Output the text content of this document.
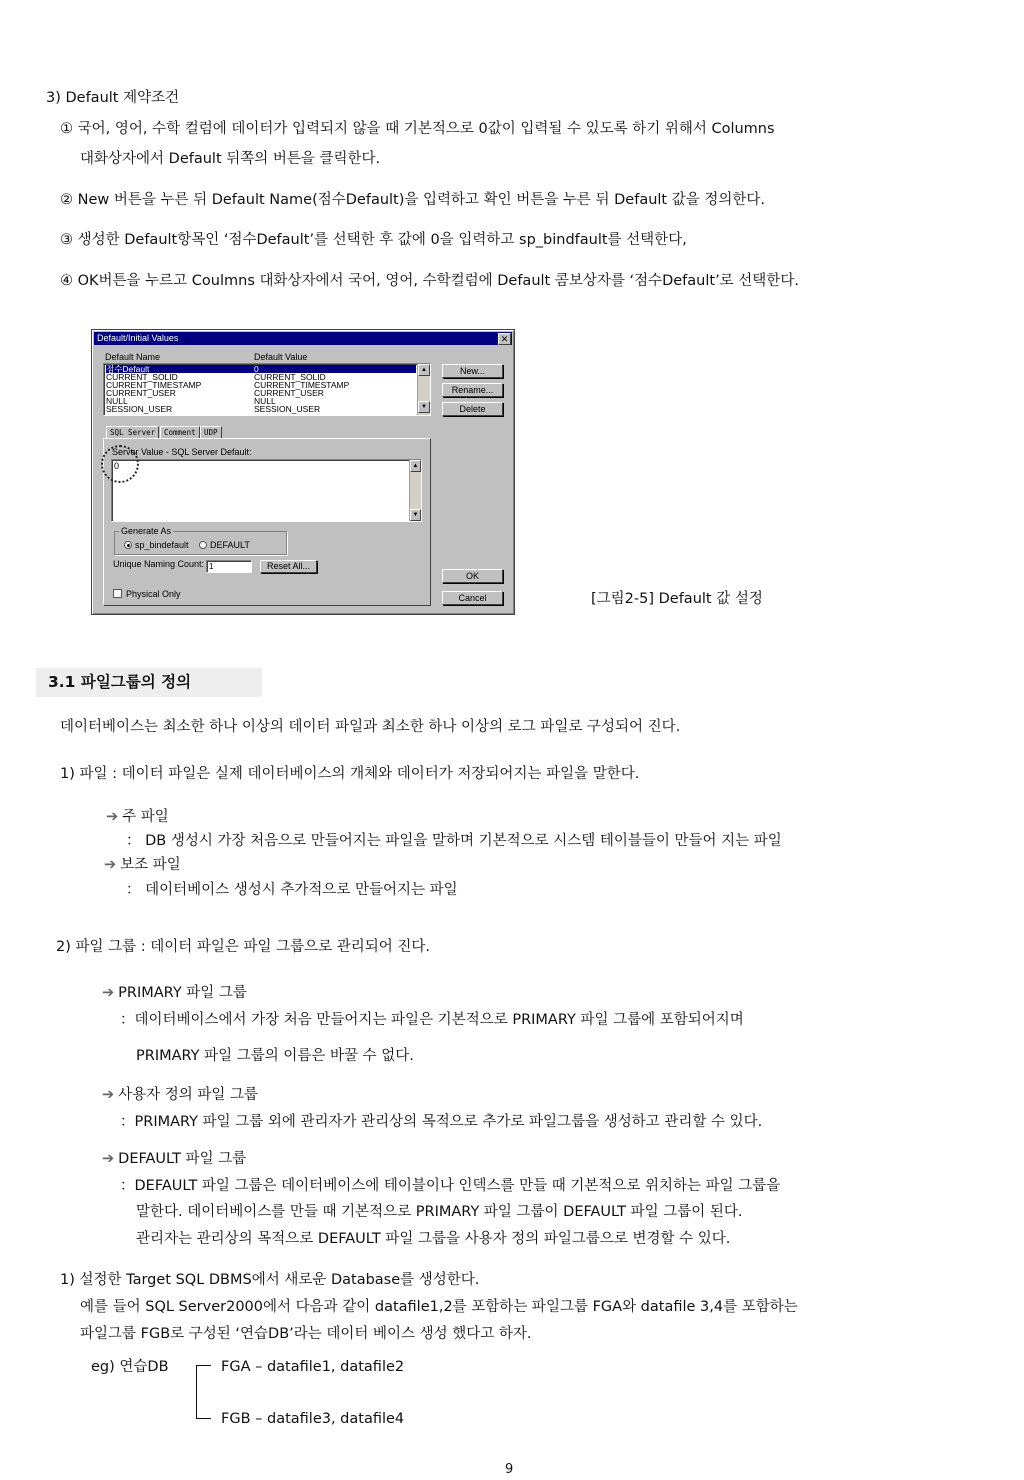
3) Default 제약조건
① 국어, 영어, 수학 컬럼에 데이터가 입력되지 않을 때 기본적으로 0값이 입력될 수 있도록 하기 위해서 Columns
대화상자에서 Default 뒤쪽의 버튼을 클릭한다.
② New 버튼을 누른 뒤 Default Name(점수Default)을 입력하고 확인 버튼을 누른 뒤 Default 값을 정의한다.
③ 생성한 Default항목인 ‘점수Default’를 선택한 후 값에 0을 입력하고 sp_bindfault를 선택한다,
④ OK버튼을 누르고 Coulmns 대화상자에서 국어, 영어, 수학컬럼에 Default 콤보상자를 ‘점수Default’로 선택한다.
Default/Initial Values	✕
Default Name	Default Value
점수Default	0
CURRENT_SOLID	CURRENT_SOLID
CURRENT_TIMESTAMP	CURRENT_TIMESTAMP
CURRENT_USER	CURRENT_USER
NULL	NULL
SESSION_USER	SESSION_USER
▲
▼
New...
Rename...
Delete
SQL Server	Comment	UDP
Server Value - SQL Server Default:
0	▲
▼
Generate As
sp_bindefault	DEFAULT
Unique Naming Count: 1	Reset All...
Physical Only
OK
Cancel	[그림2-5] Default 값 설정
3.1 파일그룹의 정의
데이터베이스는 최소한 하나 이상의 데이터 파일과 최소한 하나 이상의 로그 파일로 구성되어 진다.
1) 파일 : 데이터 파일은 실제 데이터베이스의 개체와 데이터가 저장되어지는 파일을 말한다.
➔ 주 파일
： DB 생성시 가장 처음으로 만들어지는 파일을 말하며 기본적으로 시스템 테이블들이 만들어 지는 파일
➔ 보조 파일
： 데이터베이스 생성시 추가적으로 만들어지는 파일
2) 파일 그룹 : 데이터 파일은 파일 그룹으로 관리되어 진다.
➔ PRIMARY 파일 그룹
：데이터베이스에서 가장 처음 만들어지는 파일은 기본적으로 PRIMARY 파일 그룹에 포함되어지며
PRIMARY 파일 그룹의 이름은 바꿀 수 없다.
➔ 사용자 정의 파일 그룹
：PRIMARY 파일 그룹 외에 관리자가 관리상의 목적으로 추가로 파일그룹을 생성하고 관리할 수 있다.
➔ DEFAULT 파일 그룹
：DEFAULT 파일 그룹은 데이터베이스에 테이블이나 인덱스를 만들 때 기본적으로 위치하는 파일 그룹을
말한다. 데이터베이스를 만들 때 기본적으로 PRIMARY 파일 그룹이 DEFAULT 파일 그룹이 된다.
관리자는 관리상의 목적으로 DEFAULT 파일 그룹을 사용자 정의 파일그룹으로 변경할 수 있다.
1) 설정한 Target SQL DBMS에서 새로운 Database를 생성한다.
예를 들어 SQL Server2000에서 다음과 같이 datafile1,2를 포함하는 파일그룹 FGA와 datafile 3,4를 포함하는
파일그룹 FGB로 구성된 ‘연습DB’라는 데이터 베이스 생성 했다고 하자.
eg) 연습DB	FGA – datafile1, datafile2
FGB – datafile3, datafile4
9
